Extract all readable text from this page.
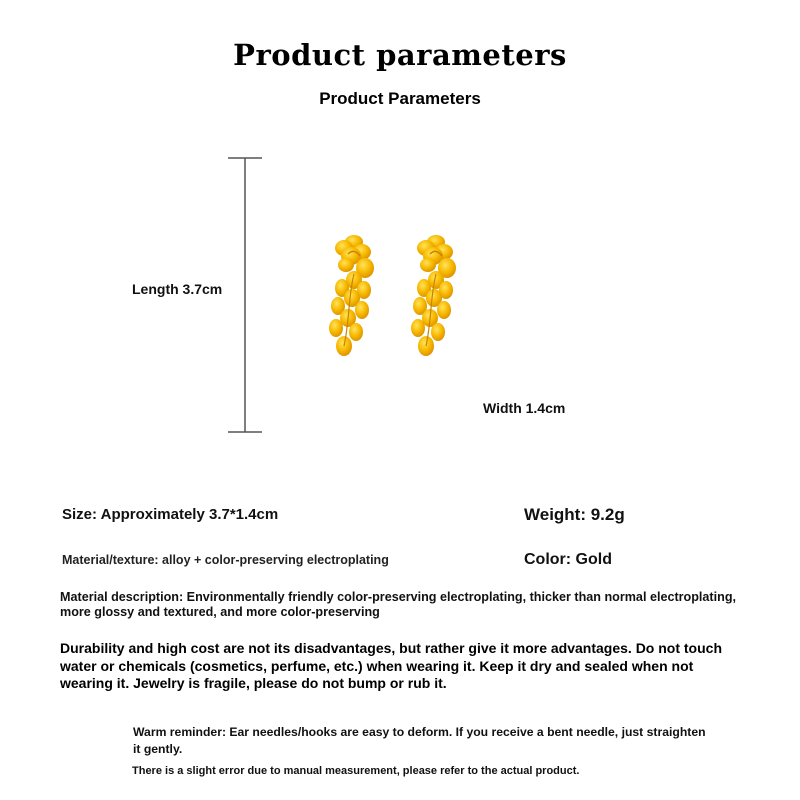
Product parameters
Product Parameters
Length 3.7cm
Width 1.4cm
Size: Approximately 3.7*1.4cm	Weight: 9.2g
Material/texture: alloy + color-preserving electroplating	Color: Gold
Material description: Environmentally friendly color-preserving electroplating, thicker than normal electroplating, more glossy and textured, and more color-preserving
Durability and high cost are not its disadvantages, but rather give it more advantages. Do not touch water or chemicals (cosmetics, perfume, etc.) when wearing it. Keep it dry and sealed when not wearing it. Jewelry is fragile, please do not bump or rub it.
Warm reminder: Ear needles/hooks are easy to deform. If you receive a bent needle, just straighten it gently.
There is a slight error due to manual measurement, please refer to the actual product.
